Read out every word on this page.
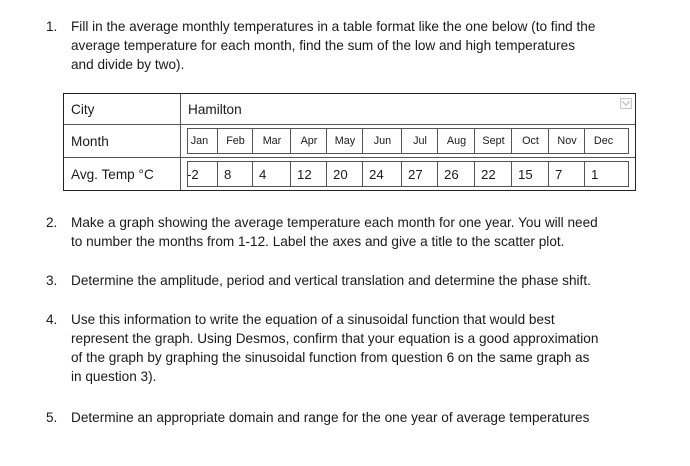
1.	Fill in the average monthly temperatures in a table format like the one below (to find the
average temperature for each month, find the sum of the low and high temperatures
and divide by two).
City	Hamilton
Month	Jan	Feb	Mar	Apr	May	Jun	Jul	Aug	Sept	Oct	Nov	Dec
Avg. Temp °C	-2	8	4	12	20	24	27	26	22	15	7	1
2.	Make a graph showing the average temperature each month for one year. You will need
to number the months from 1-12. Label the axes and give a title to the scatter plot.
3.	Determine the amplitude, period and vertical translation and determine the phase shift.
4.	Use this information to write the equation of a sinusoidal function that would best
represent the graph. Using Desmos, confirm that your equation is a good approximation
of the graph by graphing the sinusoidal function from question 6 on the same graph as
in question 3).
5.	Determine an appropriate domain and range for the one year of average temperatures
